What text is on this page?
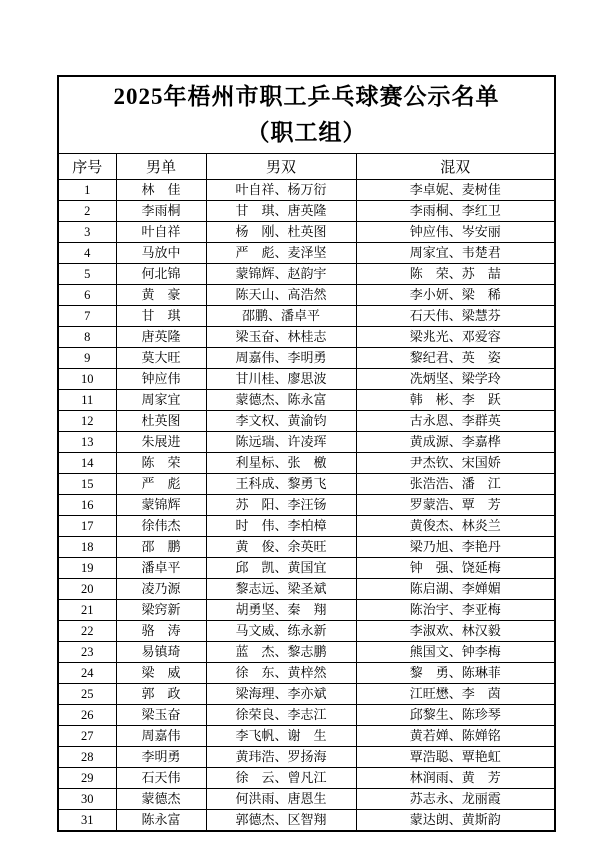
2025年梧州市职工乒乓球赛公示名单
（职工组）			

序号	男单	男双	混双
1	林　佳	叶自祥、杨万衍	李卓妮、麦树佳
2	李雨桐	甘　琪、唐英隆	李雨桐、李红卫
3	叶自祥	杨　刚、杜英图	钟应伟、岑安丽
4	马放中	严　彪、麦泽坚	周家宜、韦楚君
5	何北锦	蒙锦辉、赵韵宇	陈　荣、苏　喆
6	黄　豪	陈天山、高浩然	李小妍、梁　稀
7	甘　琪	邵鹏、潘卓平	石天伟、梁慧芬
8	唐英隆	梁玉奋、林桂志	梁兆光、邓爱容
9	莫大旺	周嘉伟、李明勇	黎纪君、英　姿
10	钟应伟	甘川桂、廖思波	冼炳坚、梁学玲
11	周家宜	蒙德杰、陈永富	韩　彬、李　跃
12	杜英图	李文权、黄渝钧	古永恩、李群英
13	朱展进	陈远瑞、许凌珲	黄成源、李嘉桦
14	陈　荣	利星标、张　檄	尹杰钦、宋国娇
15	严　彪	王科成、黎勇飞	张浩浩、潘　江
16	蒙锦辉	苏　阳、李汪钖	罗蒙浩、覃　芳
17	徐伟杰	时　伟、李柏樟	黄俊杰、林炎兰
18	邵　鹏	黄　俊、余英旺	梁乃旭、李艳丹
19	潘卓平	邱　凯、黄国宜	钟　强、饶延梅
20	凌乃源	黎志远、梁圣斌	陈启湖、李婵媚
21	梁窍新	胡勇坚、秦　翔	陈治宇、李亚梅
22	骆　涛	马文威、练永新	李淑欢、林汉毅
23	易镇琦	蓝　杰、黎志鹏	熊国文、钟李梅
24	梁　威	徐　东、黄梓然	黎　勇、陈琳菲
25	郭　政	梁海理、李亦斌	江旺懋、李　茵
26	梁玉奋	徐荣良、李志江	邱黎生、陈珍琴
27	周嘉伟	李飞帆、谢　生	黄若婵、陈婵铭
28	李明勇	黄玮浩、罗扬海	覃浩聪、覃艳虹
29	石天伟	徐　云、曾凡江	林润雨、黄　芳
30	蒙德杰	何洪雨、唐恩生	苏志永、龙丽霞
31	陈永富	郭德杰、区智翔	蒙达朗、黄斯韵
